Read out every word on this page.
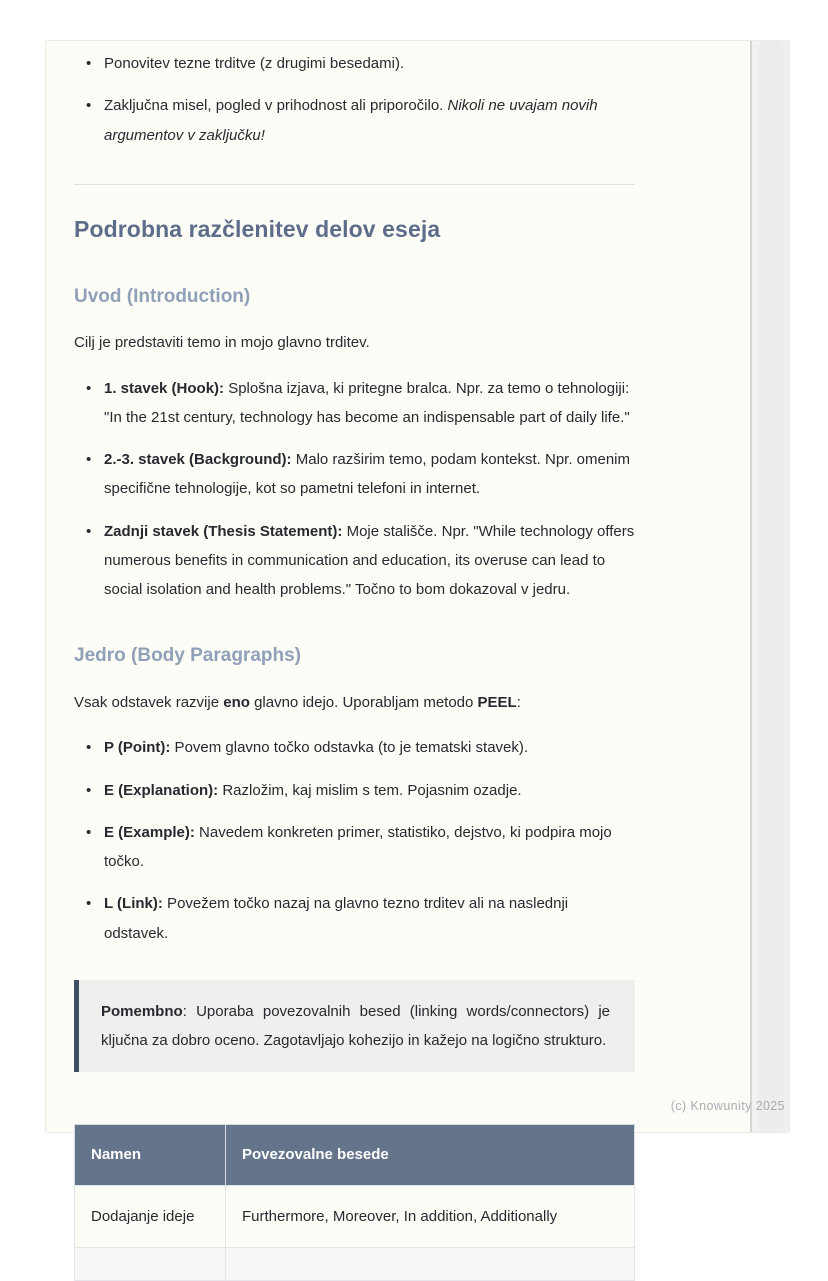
• Ponovitev tezne trditve (z drugimi besedami).
• Zaključna misel, pogled v prihodnost ali priporočilo. Nikoli ne uvajam novih argumentov v zaključku!
Podrobna razčlenitev delov eseja
Uvod (Introduction)

Cilj je predstaviti temo in mojo glavno trditev.

• 1. stavek (Hook): Splošna izjava, ki pritegne bralca. Npr. za temo o tehnologiji: "In the 21st century, technology has become an indispensable part of daily life."
• 2.-3. stavek (Background): Malo razširim temo, podam kontekst. Npr. omenim specifične tehnologije, kot so pametni telefoni in internet.
• Zadnji stavek (Thesis Statement): Moje stališče. Npr. "While technology offers numerous benefits in communication and education, its overuse can lead to social isolation and health problems." Točno to bom dokazoval v jedru.
Jedro (Body Paragraphs)

Vsak odstavek razvije eno glavno idejo. Uporabljam metodo PEEL:

• P (Point): Povem glavno točko odstavka (to je tematski stavek).
• E (Explanation): Razložim, kaj mislim s tem. Pojasnim ozadje.
• E (Example): Navedem konkreten primer, statistiko, dejstvo, ki podpira mojo točko.
• L (Link): Povežem točko nazaj na glavno tezno trditev ali na naslednji odstavek.
Pomembno: Uporaba povezovalnih besed (linking words/connectors) je ključna za dobro oceno. Zagotavljajo kohezijo in kažejo na logično strukturo.
Namen	Povezovalne besede
Dodajanje ideje	Furthermore, Moreover, In addition, Additionally

(c) Knowunity 2025
